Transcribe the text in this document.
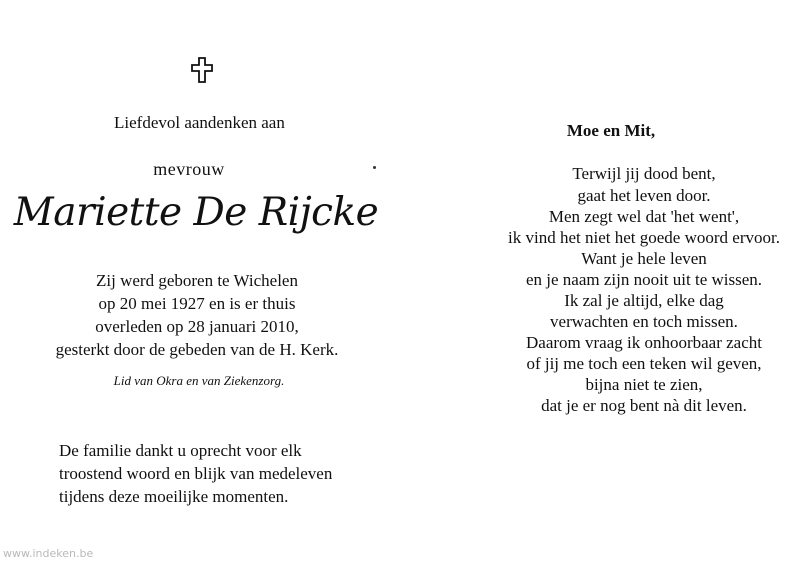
Liefdevol aandenken aan
mevrouw
Mariette De Rijcke
Zij werd geboren te Wichelen
op 20 mei 1927 en is er thuis
overleden op 28 januari 2010,
gesterkt door de gebeden van de H. Kerk.
Lid van Okra en van Ziekenzorg.
De familie dankt u oprecht voor elk
troostend woord en blijk van medeleven
tijdens deze moeilijke momenten.
Moe en Mit,
Terwijl jij dood bent,
gaat het leven door.
Men zegt wel dat 'het went',
ik vind het niet het goede woord ervoor.
Want je hele leven
en je naam zijn nooit uit te wissen.
Ik zal je altijd, elke dag
verwachten en toch missen.
Daarom vraag ik onhoorbaar zacht
of jij me toch een teken wil geven,
bijna niet te zien,
dat je er nog bent nà dit leven.
www.indeken.be
